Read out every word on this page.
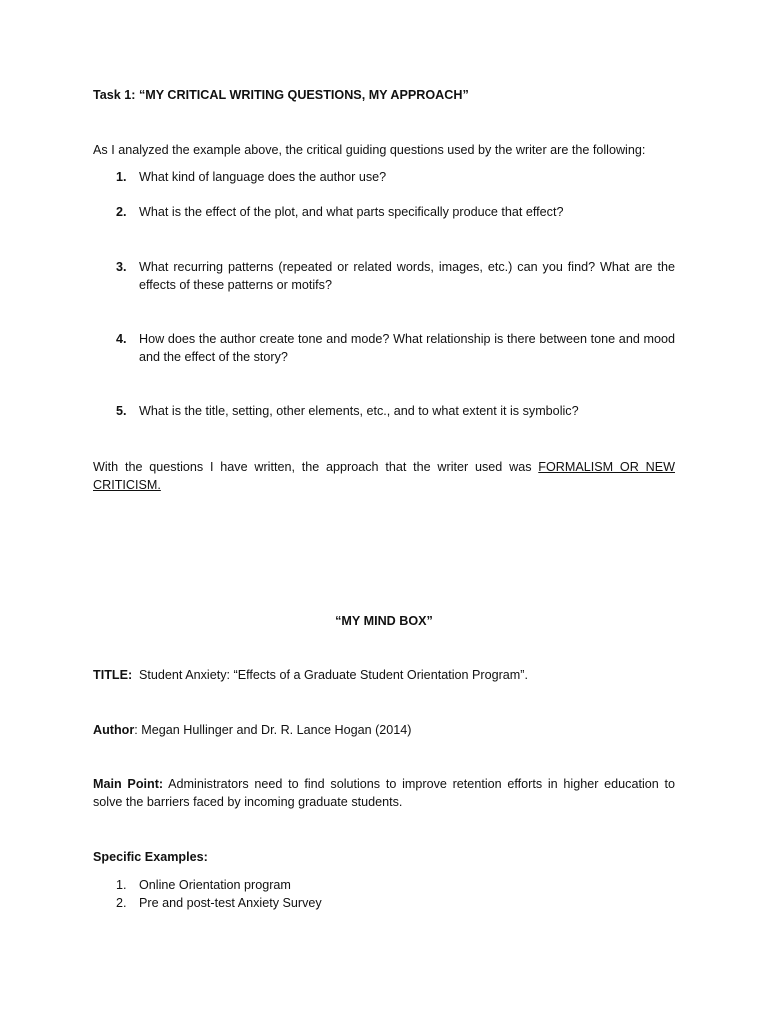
Task 1: “MY CRITICAL WRITING QUESTIONS, MY APPROACH”
As I analyzed the example above, the critical guiding questions used by the writer are the following:
1. What kind of language does the author use?
2. What is the effect of the plot, and what parts specifically produce that effect?
3. What recurring patterns (repeated or related words, images, etc.) can you find? What are the effects of these patterns or motifs?
4. How does the author create tone and mode? What relationship is there between tone and mood and the effect of the story?
5. What is the title, setting, other elements, etc., and to what extent it is symbolic?
With the questions I have written, the approach that the writer used was FORMALISM OR NEW CRITICISM.
“MY MIND BOX”
TITLE: Student Anxiety: “Effects of a Graduate Student Orientation Program”.
Author: Megan Hullinger and Dr. R. Lance Hogan (2014)
Main Point: Administrators need to find solutions to improve retention efforts in higher education to solve the barriers faced by incoming graduate students.
Specific Examples:
1. Online Orientation program
2. Pre and post-test Anxiety Survey
